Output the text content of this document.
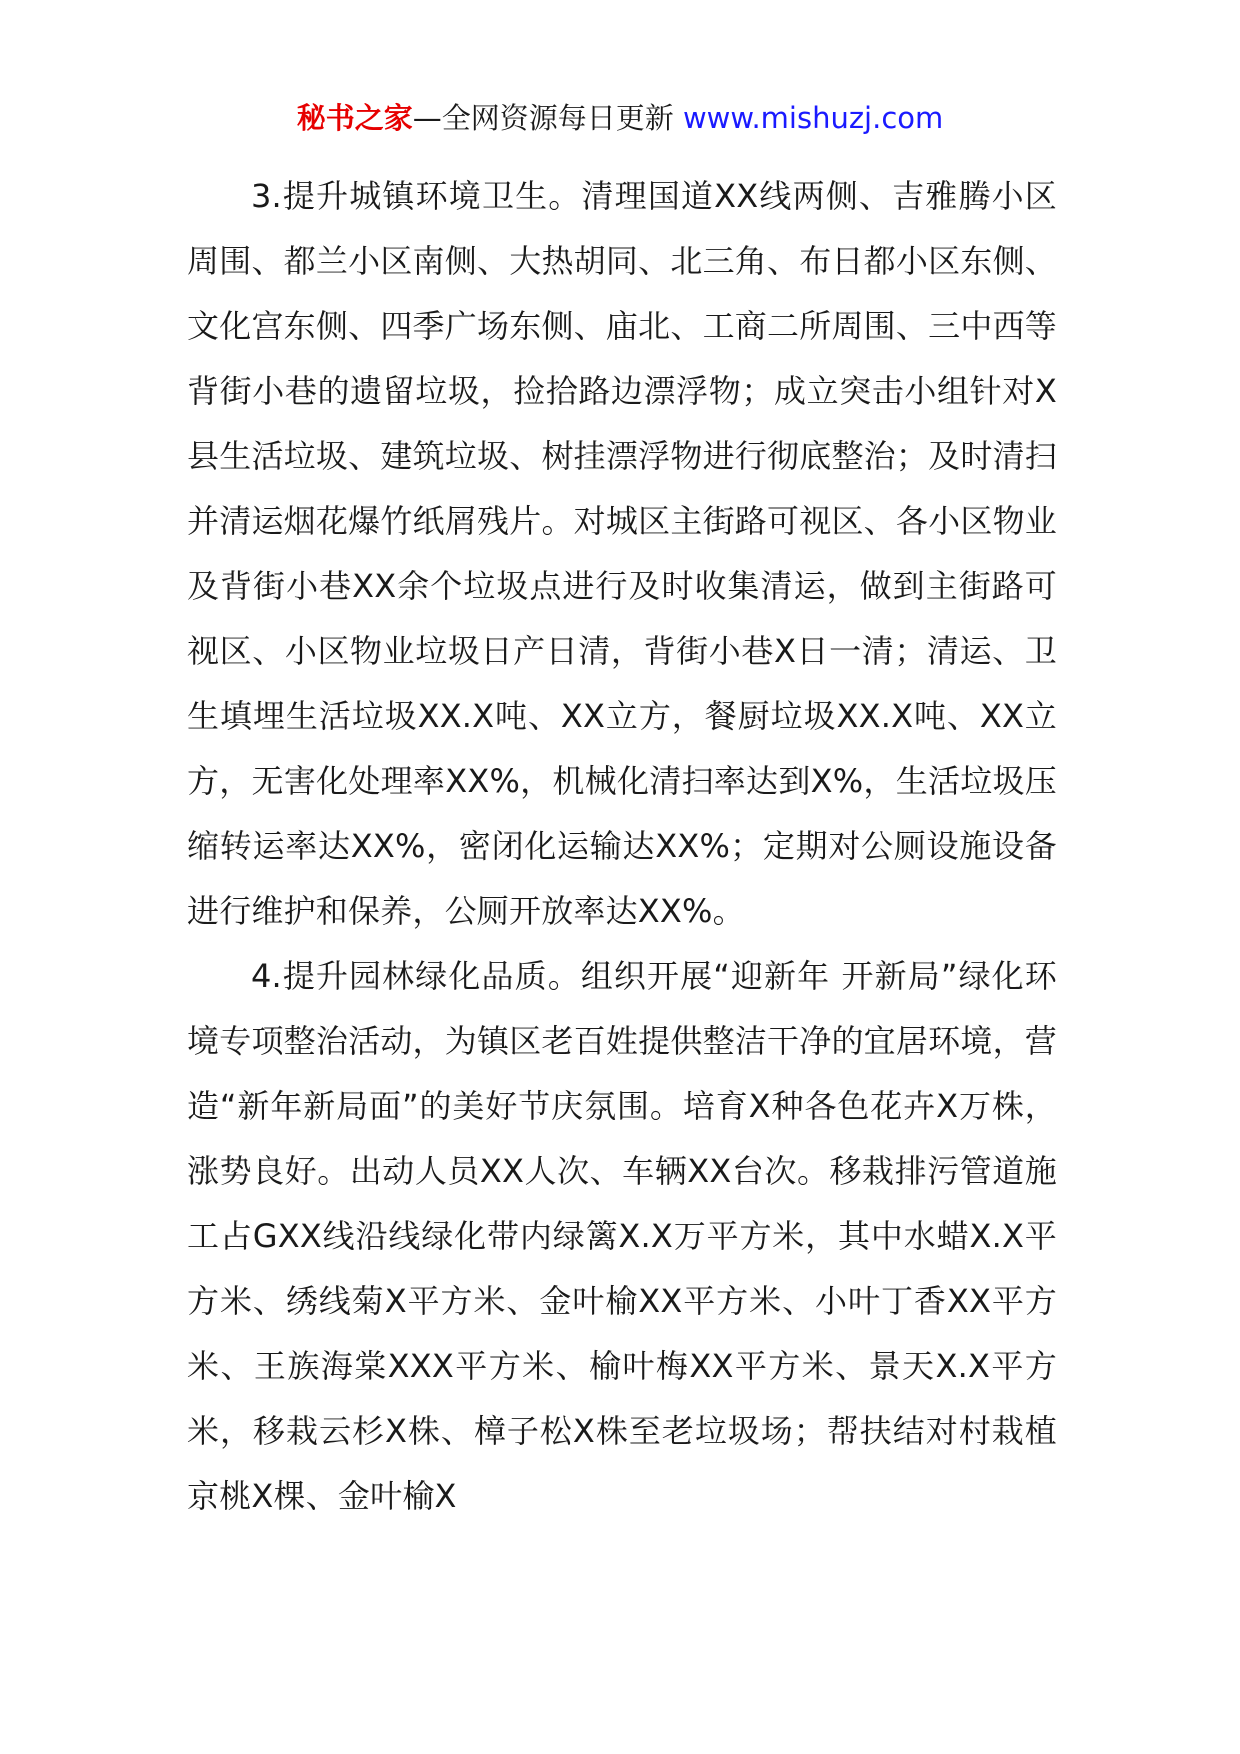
秘书之家—全网资源每日更新 www.mishuzj.com

3.提升城镇环境卫生。清理国道XX线两侧、吉雅腾小区周围、都兰小区南侧、大热胡同、北三角、布日都小区东侧、文化宫东侧、四季广场东侧、庙北、工商二所周围、三中西等背街小巷的遗留垃圾，捡拾路边漂浮物；成立突击小组针对X县生活垃圾、建筑垃圾、树挂漂浮物进行彻底整治；及时清扫并清运烟花爆竹纸屑残片。对城区主街路可视区、各小区物业及背街小巷XX余个垃圾点进行及时收集清运，做到主街路可视区、小区物业垃圾日产日清，背街小巷X日一清；清运、卫生填埋生活垃圾XX.X吨、XX立方，餐厨垃圾XX.X吨、XX立方，无害化处理率XX%，机械化清扫率达到X%，生活垃圾压缩转运率达XX%，密闭化运输达XX%；定期对公厕设施设备进行维护和保养，公厕开放率达XX%。

4.提升园林绿化品质。组织开展“迎新年 开新局”绿化环境专项整治活动，为镇区老百姓提供整洁干净的宜居环境，营造“新年新局面”的美好节庆氛围。培育X种各色花卉X万株，涨势良好。出动人员XX人次、车辆XX台次。移栽排污管道施工占GXX线沿线绿化带内绿篱X.X万平方米，其中水蜡X.X平方米、绣线菊X平方米、金叶榆XX平方米、小叶丁香XX平方米、王族海棠XXX平方米、榆叶梅XX平方米、景天X.X平方米，移栽云杉X株、樟子松X株至老垃圾场；帮扶结对村栽植京桃X棵、金叶榆X
